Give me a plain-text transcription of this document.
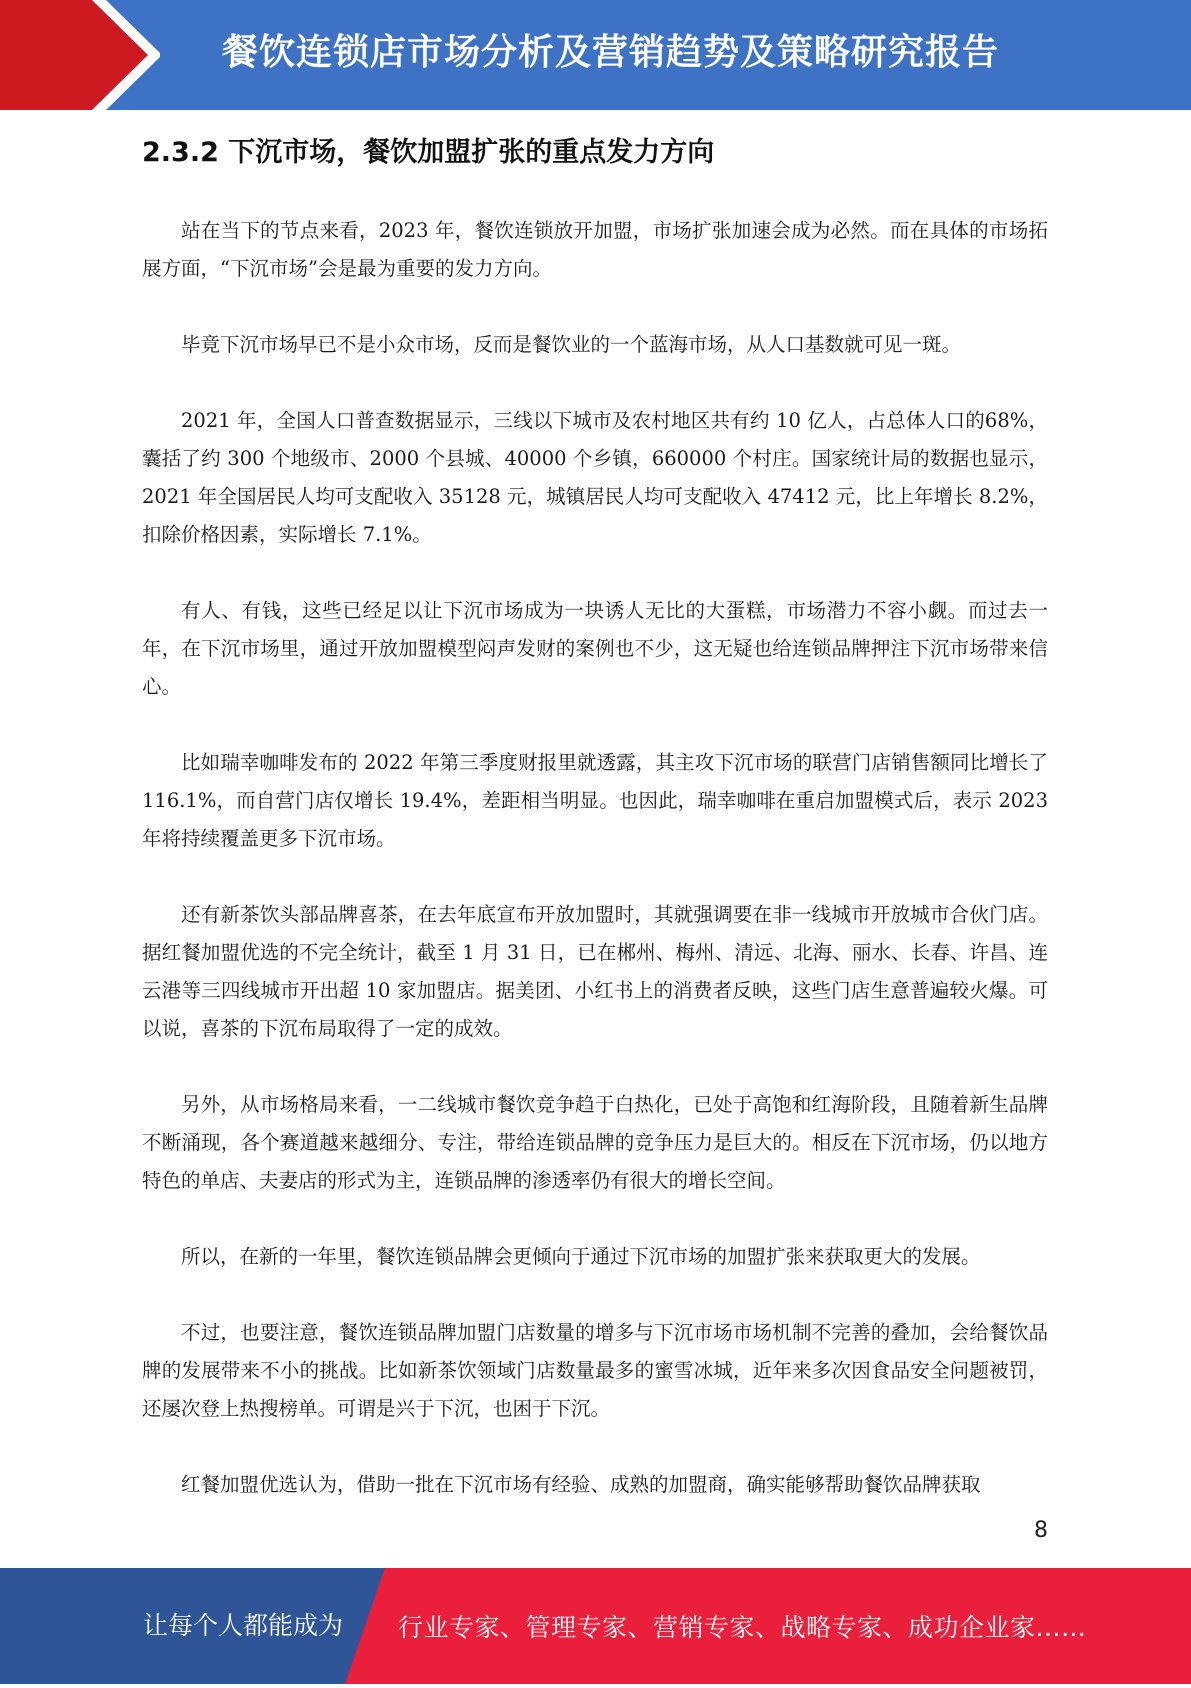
餐饮连锁店市场分析及营销趋势及策略研究报告
2.3.2 下沉市场，餐饮加盟扩张的重点发力方向

站在当下的节点来看，2023 年，餐饮连锁放开加盟，市场扩张加速会成为必然。而在具体的市场拓展方面，“下沉市场”会是最为重要的发力方向。

毕竟下沉市场早已不是小众市场，反而是餐饮业的一个蓝海市场，从人口基数就可见一斑。

2021 年，全国人口普查数据显示，三线以下城市及农村地区共有约 10 亿人，占总体人口的68%，囊括了约 300 个地级市、2000 个县城、40000 个乡镇，660000 个村庄。国家统计局的数据也显示，2021 年全国居民人均可支配收入 35128 元，城镇居民人均可支配收入 47412 元，比上年增长 8.2%，扣除价格因素，实际增长 7.1%。

有人、有钱，这些已经足以让下沉市场成为一块诱人无比的大蛋糕，市场潜力不容小觑。而过去一年，在下沉市场里，通过开放加盟模型闷声发财的案例也不少，这无疑也给连锁品牌押注下沉市场带来信心。

比如瑞幸咖啡发布的 2022 年第三季度财报里就透露，其主攻下沉市场的联营门店销售额同比增长了 116.1%，而自营门店仅增长 19.4%，差距相当明显。也因此，瑞幸咖啡在重启加盟模式后，表示 2023 年将持续覆盖更多下沉市场。

还有新茶饮头部品牌喜茶，在去年底宣布开放加盟时，其就强调要在非一线城市开放城市合伙门店。据红餐加盟优选的不完全统计，截至 1 月 31 日，已在郴州、梅州、清远、北海、丽水、长春、许昌、连云港等三四线城市开出超 10 家加盟店。据美团、小红书上的消费者反映，这些门店生意普遍较火爆。可以说，喜茶的下沉布局取得了一定的成效。

另外，从市场格局来看，一二线城市餐饮竞争趋于白热化，已处于高饱和红海阶段，且随着新生品牌不断涌现，各个赛道越来越细分、专注，带给连锁品牌的竞争压力是巨大的。相反在下沉市场，仍以地方特色的单店、夫妻店的形式为主，连锁品牌的渗透率仍有很大的增长空间。

所以，在新的一年里，餐饮连锁品牌会更倾向于通过下沉市场的加盟扩张来获取更大的发展。

不过，也要注意，餐饮连锁品牌加盟门店数量的增多与下沉市场市场机制不完善的叠加，会给餐饮品牌的发展带来不小的挑战。比如新茶饮领域门店数量最多的蜜雪冰城，近年来多次因食品安全问题被罚，还屡次登上热搜榜单。可谓是兴于下沉，也困于下沉。

红餐加盟优选认为，借助一批在下沉市场有经验、成熟的加盟商，确实能够帮助餐饮品牌获取

8
让每个人都能成为 行业专家、管理专家、营销专家、战略专家、成功企业家……
